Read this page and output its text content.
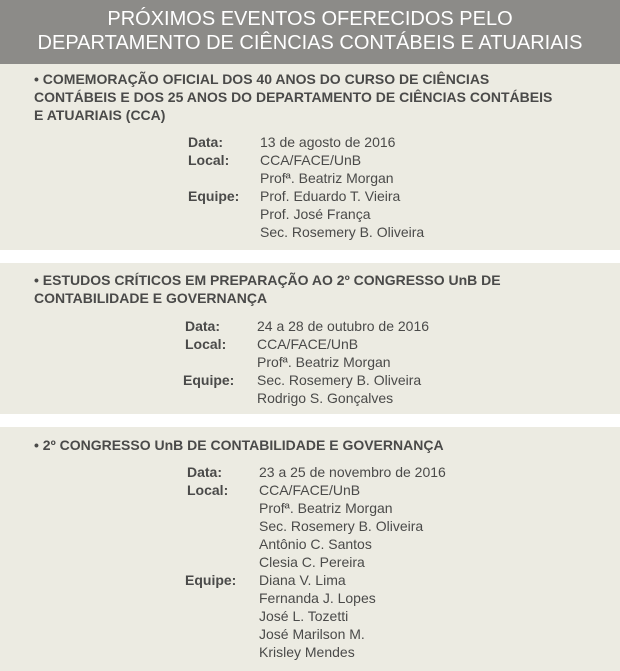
PRÓXIMOS EVENTOS OFERECIDOS PELO
DEPARTAMENTO DE CIÊNCIAS CONTÁBEIS E ATUARIAIS

• COMEMORAÇÃO OFICIAL DOS 40 ANOS DO CURSO DE CIÊNCIAS

CONTÁBEIS E DOS 25 ANOS DO DEPARTAMENTO DE CIÊNCIAS CONTÁBEIS

E ATUARIAIS (CCA)

Data:	13 de agosto de 2016
Local: CCA/FACE/UnB
Profª. Beatriz Morgan
Equipe: Prof. Eduardo T. Vieira
Prof. José França
Sec. Rosemery B. Oliveira

• ESTUDOS CRÍTICOS EM PREPARAÇÃO AO 2º CONGRESSO UnB DE

CONTABILIDADE E GOVERNANÇA

Data:	24 a 28 de outubro de 2016
Local: CCA/FACE/UnB
Profª. Beatriz Morgan
Equipe: Sec. Rosemery B. Oliveira
Rodrigo S. Gonçalves

• 2º CONGRESSO UnB DE CONTABILIDADE E GOVERNANÇA

Data:	23 a 25 de novembro de 2016
Local: CCA/FACE/UnB
Profª. Beatriz Morgan
Sec. Rosemery B. Oliveira
Antônio C. Santos
Clesia C. Pereira
Equipe: Diana V. Lima
Fernanda J. Lopes
José L. Tozetti
José Marilson M.
Krisley Mendes
